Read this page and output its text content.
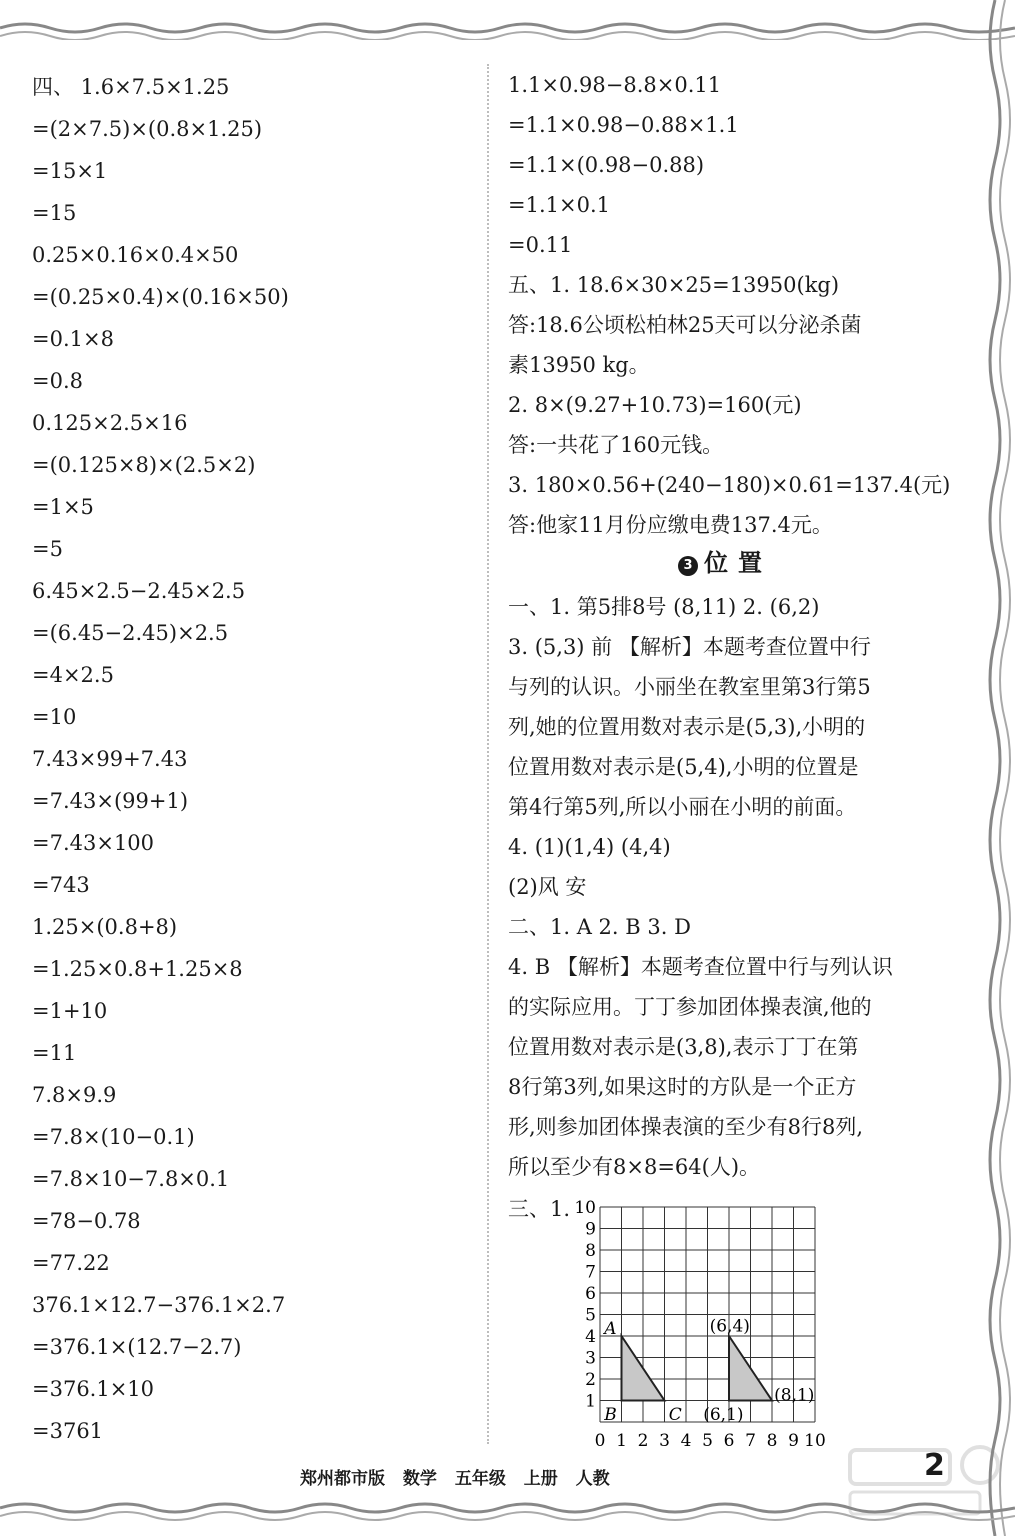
四、 1.6×7.5×1.25
=(2×7.5)×(0.8×1.25)
=15×1
=15
0.25×0.16×0.4×50
=(0.25×0.4)×(0.16×50)
=0.1×8
=0.8
0.125×2.5×16
=(0.125×8)×(2.5×2)
=1×5
=5
6.45×2.5−2.45×2.5
=(6.45−2.45)×2.5
=4×2.5
=10
7.43×99+7.43
=7.43×(99+1)
=7.43×100
=743
1.25×(0.8+8)
=1.25×0.8+1.25×8
=1+10
=11
7.8×9.9
=7.8×(10−0.1)
=7.8×10−7.8×0.1
=78−0.78
=77.22
376.1×12.7−376.1×2.7
=376.1×(12.7−2.7)
=376.1×10
=3761
1.1×0.98−8.8×0.11
=1.1×0.98−0.88×1.1
=1.1×(0.98−0.88)
=1.1×0.1
=0.11
五、1. 18.6×30×25=13950(kg)
答:18.6公顷松柏林25天可以分泌杀菌
素13950 kg。
2. 8×(9.27+10.73)=160(元)
答:一共花了160元钱。
3. 180×0.56+(240−180)×0.61=137.4(元)
答:他家11月份应缴电费137.4元。
3 位置
一、1. 第5排8号 (8,11) 2. (6,2)
3. (5,3) 前 【解析】本题考查位置中行
与列的认识。小丽坐在教室里第3行第5
列,她的位置用数对表示是(5,3),小明的
位置用数对表示是(5,4),小明的位置是
第4行第5列,所以小丽在小明的前面。
4. (1)(1,4) (4,4)
(2)风 安
二、1. A 2. B 3. D
4. B 【解析】本题考查位置中行与列认识
的实际应用。丁丁参加团体操表演,他的
位置用数对表示是(3,8),表示丁丁在第
8行第3列,如果这时的方队是一个正方
形,则参加团体操表演的至少有8行8列,
所以至少有8×8=64(人)。
三、1.
0 1 2 3 4 5 6 7 8 9 10
1
2
3
4
5
6
7
8
9
10
A
B	C
(6,4)
(8,1)
(6,1)
郑州都市版 数学 五年级 上册 人教	2
